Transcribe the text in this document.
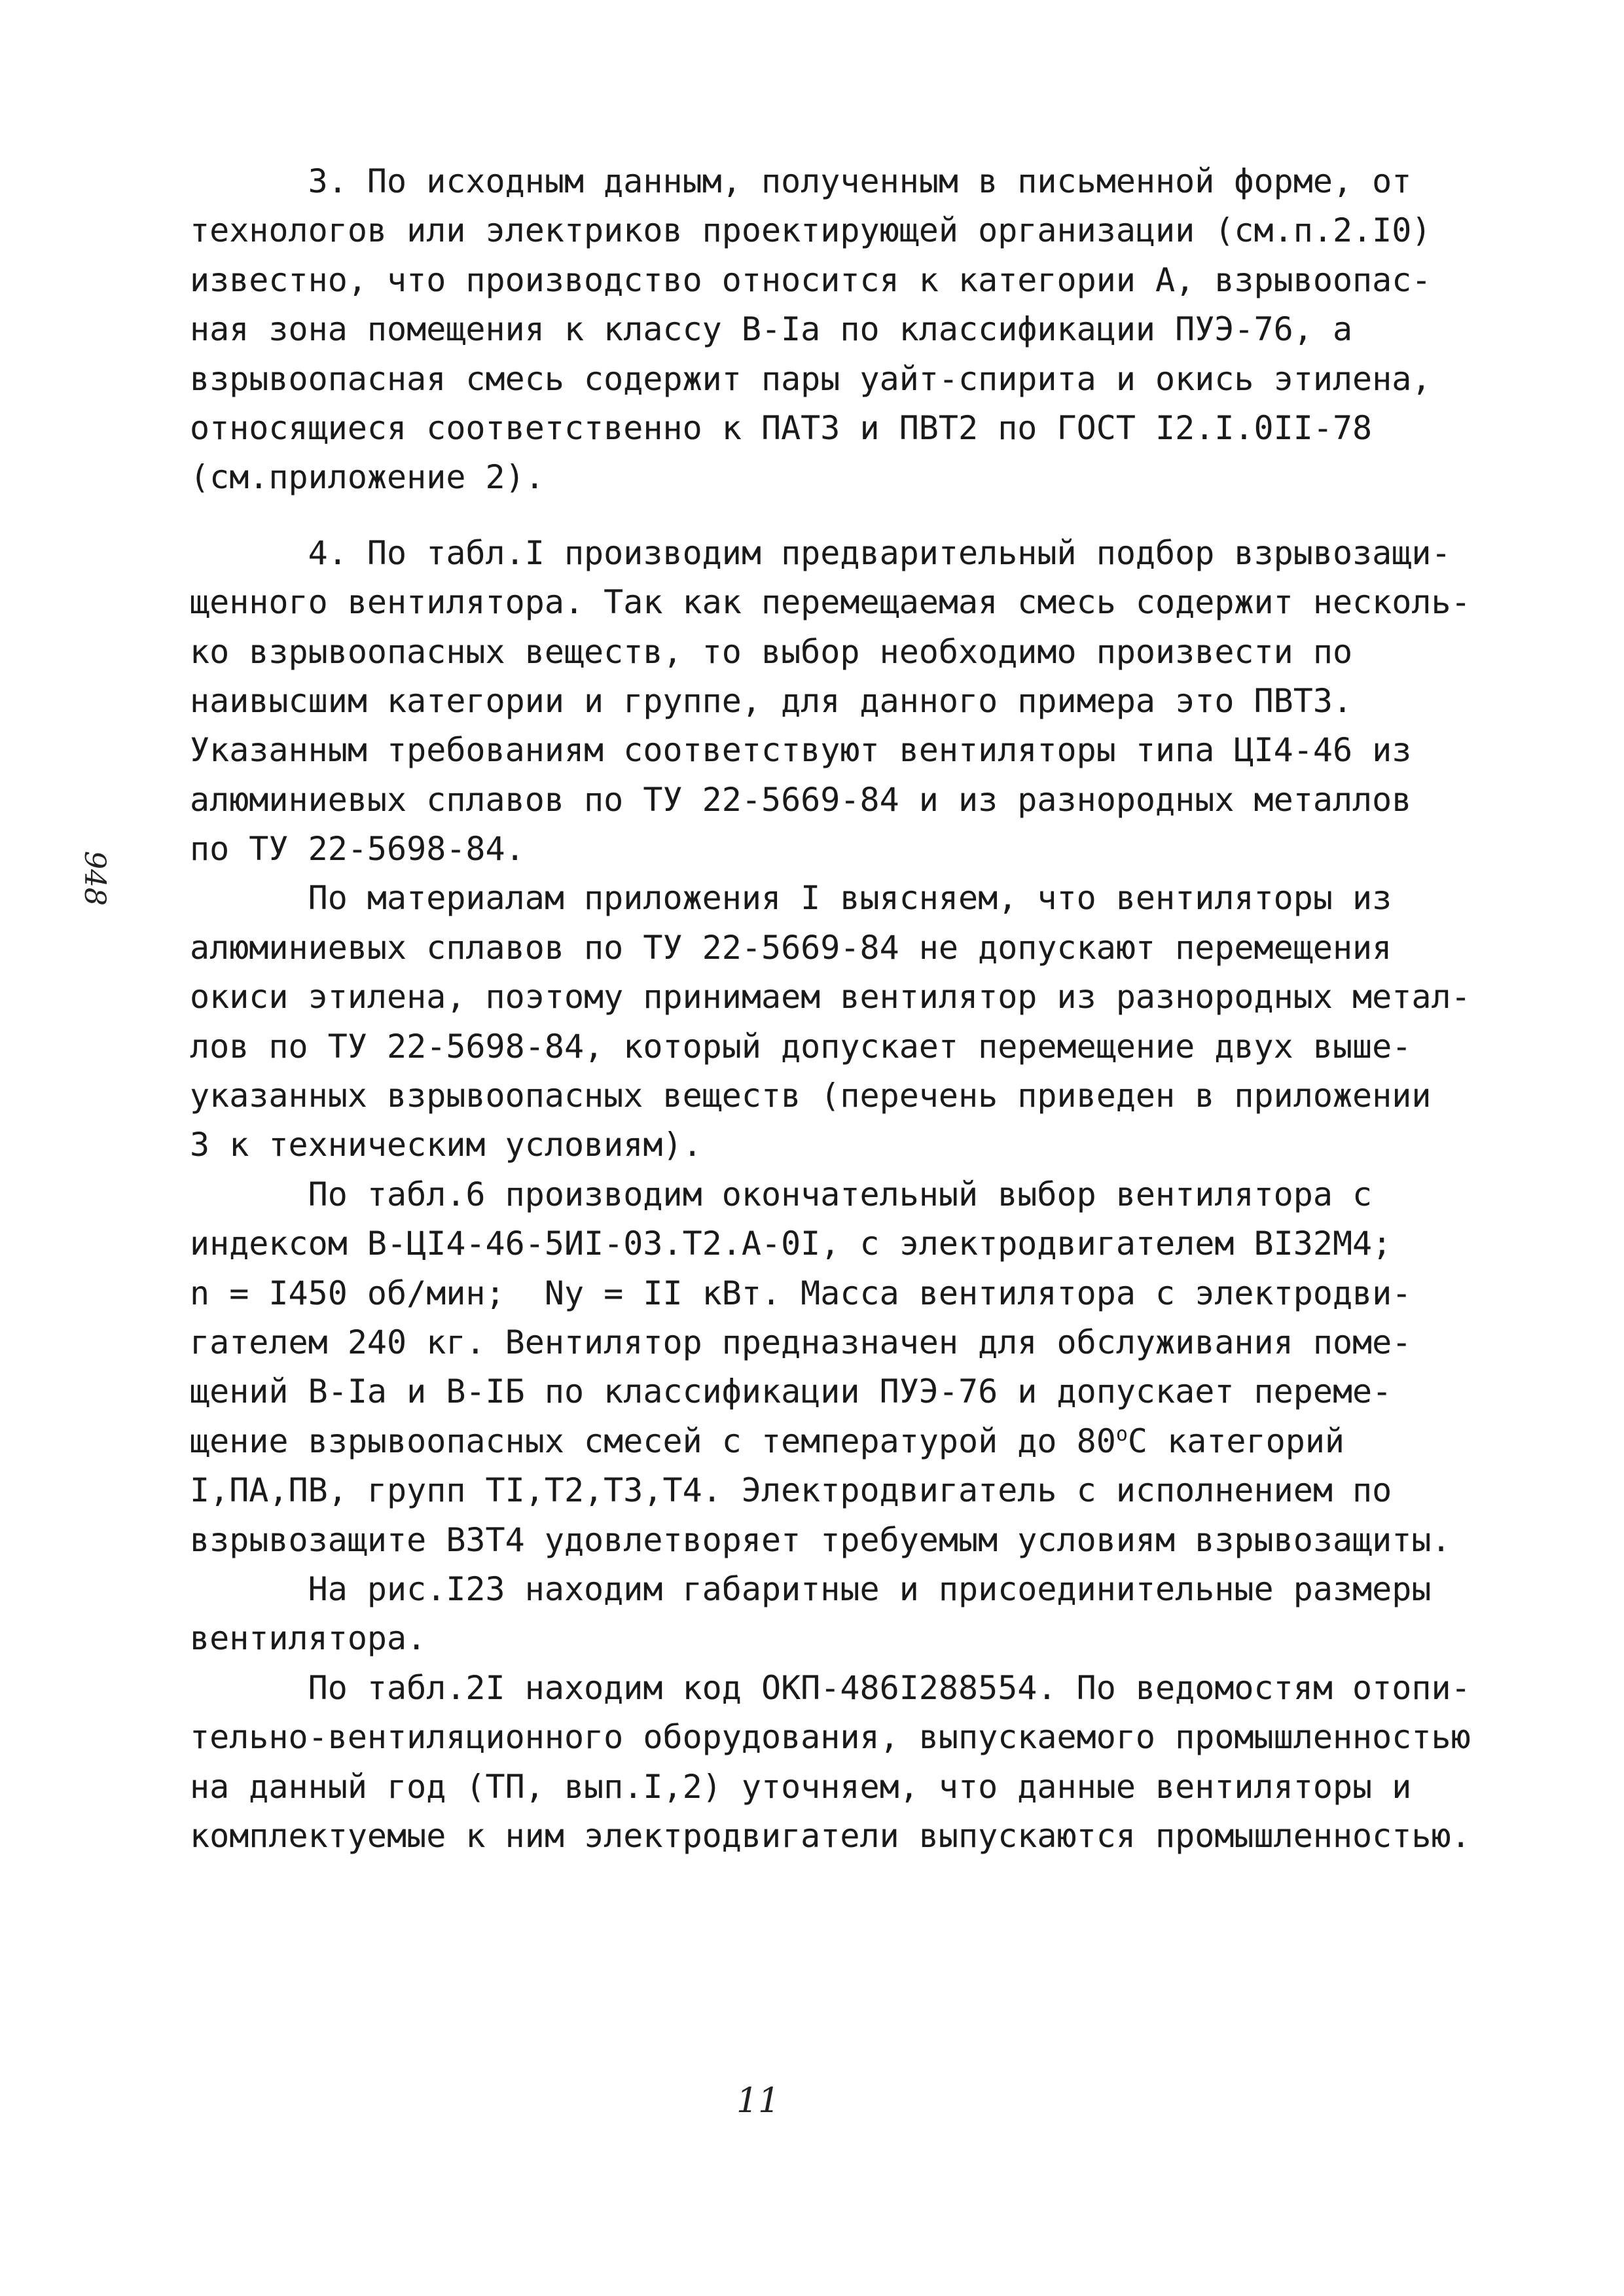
948
3. По исходным данным, полученным в письменной форме, от
технологов или электриков проектирующей организации (см.п.2.I0)
известно, что производство относится к категории А, взрывоопас-
ная зона помещения к классу В-Iа по классификации ПУЭ-76, а
взрывоопасная смесь содержит пары уайт-спирита и окись этилена,
относящиеся соответственно к ПАТ3 и ПВТ2 по ГОСТ I2.I.0II-78
(см.приложение 2).
4. По табл.I производим предварительный подбор взрывозащи-
щенного вентилятора. Так как перемещаемая смесь содержит несколь-
ко взрывоопасных веществ, то выбор необходимо произвести по
наивысшим категории и группе, для данного примера это ПВТ3.
Указанным требованиям соответствуют вентиляторы типа ЦI4-46 из
алюминиевых сплавов по ТУ 22-5669-84 и из разнородных металлов
по ТУ 22-5698-84.
По материалам приложения I выясняем, что вентиляторы из
алюминиевых сплавов по ТУ 22-5669-84 не допускают перемещения
окиси этилена, поэтому принимаем вентилятор из разнородных метал-
лов по ТУ 22-5698-84, который допускает перемещение двух выше-
указанных взрывоопасных веществ (перечень приведен в приложении
3 к техническим условиям).
По табл.6 производим окончательный выбор вентилятора с
индексом В-ЦI4-46-5ИI-03.Т2.А-0I, с электродвигателем ВI32М4;
n = I450 об/мин;  Ny = II кВт. Масса вентилятора с электродви-
гателем 240 кг. Вентилятор предназначен для обслуживания поме-
щений В-Iа и В-IБ по классификации ПУЭ-76 и допускает переме-
щение взрывоопасных смесей с температурой до $80^оС$ категорий
I,ПА,ПВ, групп ТI,Т2,Т3,Т4. Электродвигатель с исполнением по
взрывозащите В3Т4 удовлетворяет требуемым условиям взрывозащиты.
На рис.I23 находим габаритные и присоединительные размеры
вентилятора.
По табл.2I находим код ОКП-486I288554. По ведомостям отопи-
тельно-вентиляционного оборудования, выпускаемого промышленностью
на данный год (ТП, вып.I,2) уточняем, что данные вентиляторы и
комплектуемые к ним электродвигатели выпускаются промышленностью.
11
